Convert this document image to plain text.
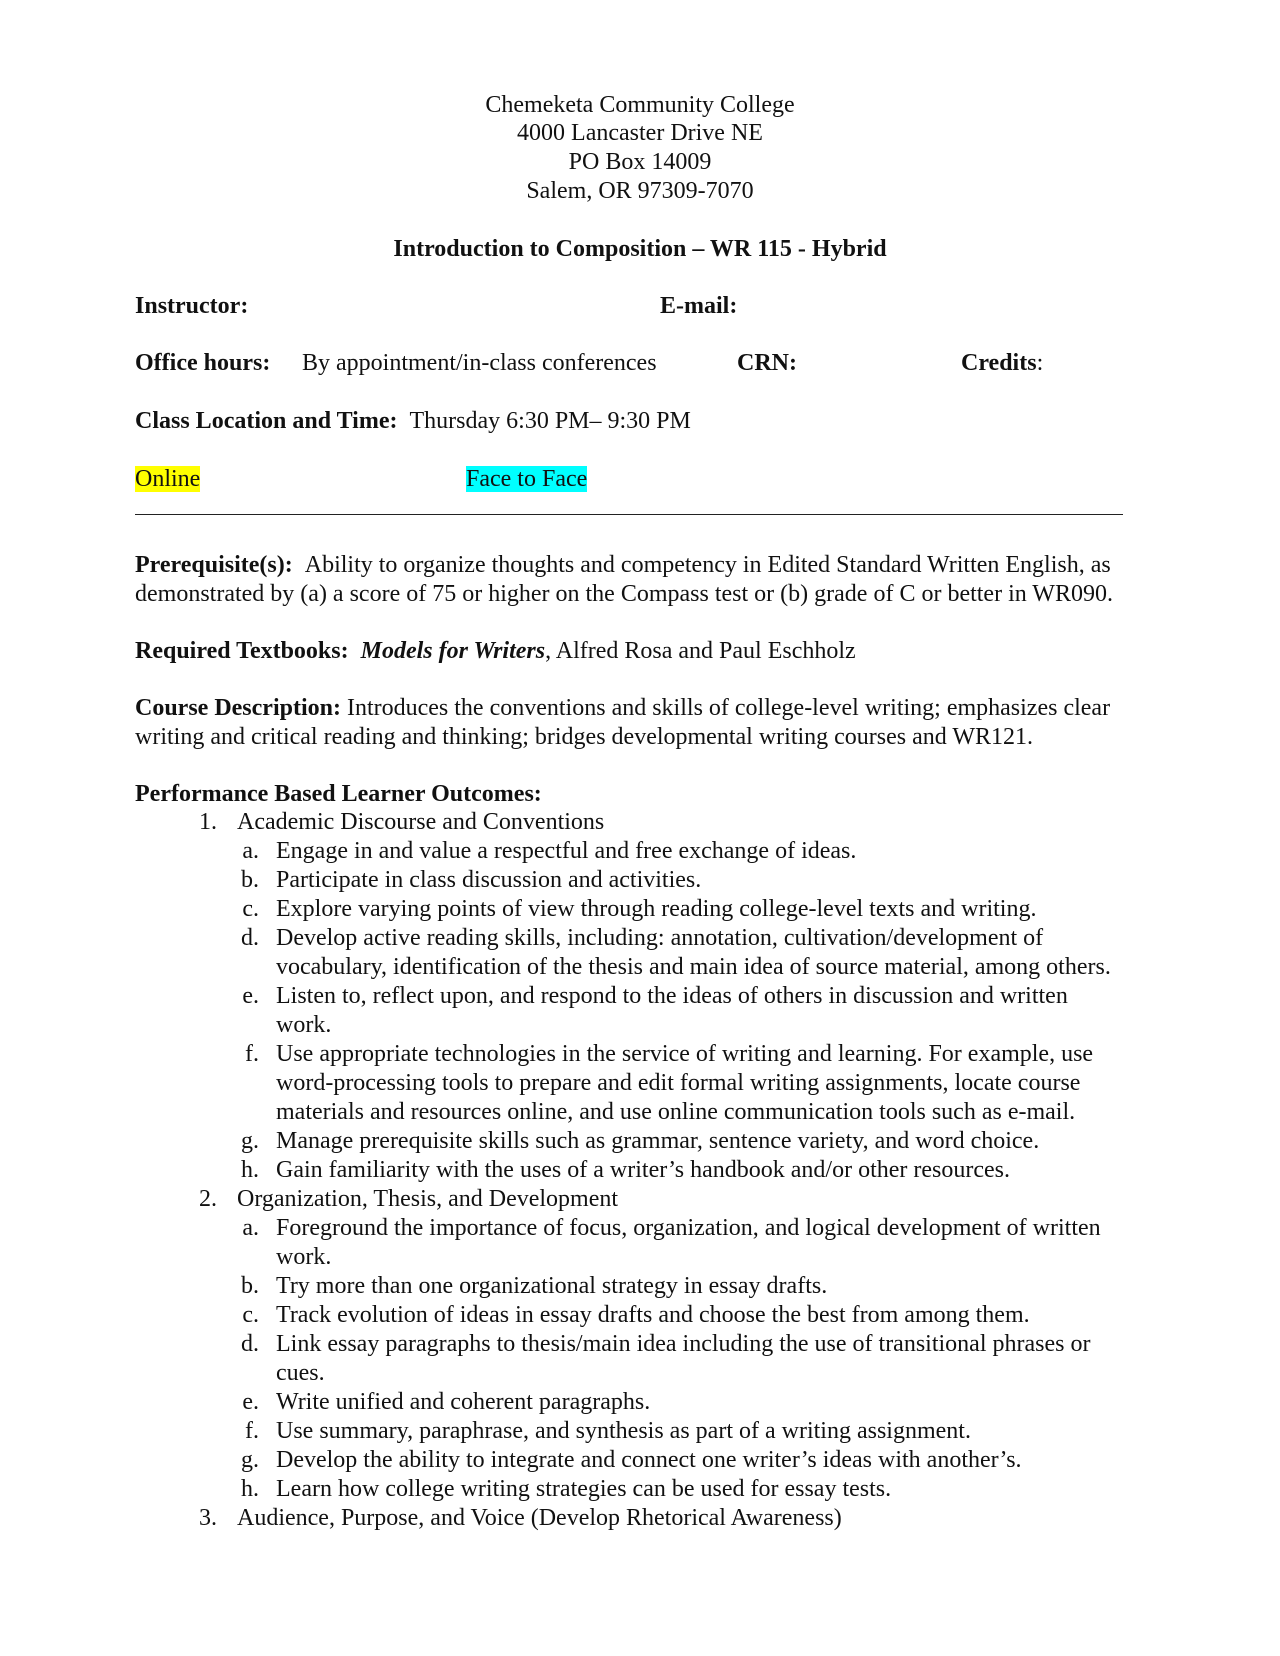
Chemeketa Community College
4000 Lancaster Drive NE
PO Box 14009
Salem, OR 97309-7070
Introduction to Composition – WR 115 - Hybrid
Instructor:	E-mail:
Office hours: By appointment/in-class conferences	CRN:	Credits:
Class Location and Time: Thursday 6:30 PM– 9:30 PM
Online	Face to Face
Prerequisite(s): Ability to organize thoughts and competency in Edited Standard Written English, as
demonstrated by (a) a score of 75 or higher on the Compass test or (b) grade of C or better in WR090.
Required Textbooks: Models for Writers, Alfred Rosa and Paul Eschholz
Course Description: Introduces the conventions and skills of college-level writing; emphasizes clear
writing and critical reading and thinking; bridges developmental writing courses and WR121.
Performance Based Learner Outcomes:
1. Academic Discourse and Conventions
a. Engage in and value a respectful and free exchange of ideas.
b. Participate in class discussion and activities.
c. Explore varying points of view through reading college-level texts and writing.
d. Develop active reading skills, including: annotation, cultivation/development of
vocabulary, identification of the thesis and main idea of source material, among others.
e. Listen to, reflect upon, and respond to the ideas of others in discussion and written
work.
f. Use appropriate technologies in the service of writing and learning. For example, use
word-processing tools to prepare and edit formal writing assignments, locate course
materials and resources online, and use online communication tools such as e-mail.
g. Manage prerequisite skills such as grammar, sentence variety, and word choice.
h. Gain familiarity with the uses of a writer’s handbook and/or other resources.
2. Organization, Thesis, and Development
a. Foreground the importance of focus, organization, and logical development of written
work.
b. Try more than one organizational strategy in essay drafts.
c. Track evolution of ideas in essay drafts and choose the best from among them.
d. Link essay paragraphs to thesis/main idea including the use of transitional phrases or
cues.
e. Write unified and coherent paragraphs.
f. Use summary, paraphrase, and synthesis as part of a writing assignment.
g. Develop the ability to integrate and connect one writer’s ideas with another’s.
h. Learn how college writing strategies can be used for essay tests.
3. Audience, Purpose, and Voice (Develop Rhetorical Awareness)
